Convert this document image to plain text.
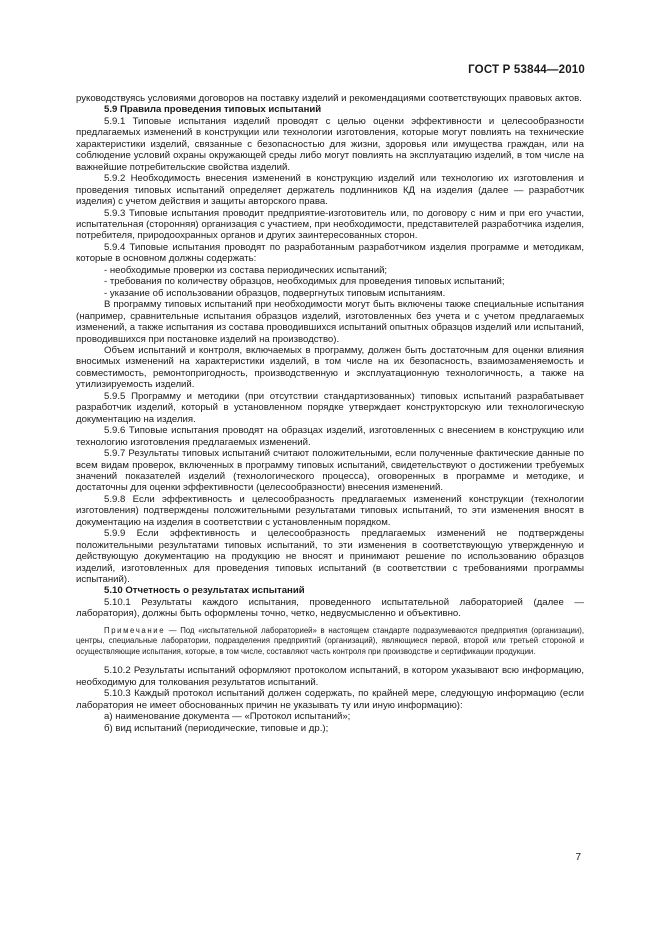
ГОСТ Р 53844—2010

руководствуясь условиями договоров на поставку изделий и рекомендациями соответствующих правовых актов.

5.9 Правила проведения типовых испытаний

5.9.1 Типовые испытания изделий проводят с целью оценки эффективности и целесообразности предлагаемых изменений в конструкции или технологии изготовления, которые могут повлиять на технические характеристики изделий, связанные с безопасностью для жизни, здоровья или имущества граждан, или на соблюдение условий охраны окружающей среды либо могут повлиять на эксплуатацию изделий, в том числе на важнейшие потребительские свойства изделий.

5.9.2 Необходимость внесения изменений в конструкцию изделий или технологию их изготовления и проведения типовых испытаний определяет держатель подлинников КД на изделия (далее — разработчик изделия) с учетом действия и защиты авторского права.

5.9.3 Типовые испытания проводит предприятие-изготовитель или, по договору с ним и при его участии, испытательная (сторонняя) организация с участием, при необходимости, представителей разработчика изделия, потребителя, природоохранных органов и других заинтересованных сторон.

5.9.4 Типовые испытания проводят по разработанным разработчиком изделия программе и методикам, которые в основном должны содержать:

- необходимые проверки из состава периодических испытаний;

- требования по количеству образцов, необходимых для проведения типовых испытаний;

- указание об использовании образцов, подвергнутых типовым испытаниям.

В программу типовых испытаний при необходимости могут быть включены также специальные испытания (например, сравнительные испытания образцов изделий, изготовленных без учета и с учетом предлагаемых изменений, а также испытания из состава проводившихся испытаний опытных образцов изделий или испытаний, проводившихся при постановке изделий на производство).

Объем испытаний и контроля, включаемых в программу, должен быть достаточным для оценки влияния вносимых изменений на характеристики изделий, в том числе на их безопасность, взаимозаменяемость и совместимость, ремонтопригодность, производственную и эксплуатационную технологичность, а также на утилизируемость изделий.

5.9.5 Программу и методики (при отсутствии стандартизованных) типовых испытаний разрабатывает разработчик изделий, который в установленном порядке утверждает конструкторскую или технологическую документацию на изделия.

5.9.6 Типовые испытания проводят на образцах изделий, изготовленных с внесением в конструкцию или технологию изготовления предлагаемых изменений.

5.9.7 Результаты типовых испытаний считают положительными, если полученные фактические данные по всем видам проверок, включенных в программу типовых испытаний, свидетельствуют о достижении требуемых значений показателей изделий (технологического процесса), оговоренных в программе и методике, и достаточны для оценки эффективности (целесообразности) внесения изменений.

5.9.8 Если эффективность и целесообразность предлагаемых изменений конструкции (технологии изготовления) подтверждены положительными результатами типовых испытаний, то эти изменения вносят в документацию на изделия в соответствии с установленным порядком.

5.9.9 Если эффективность и целесообразность предлагаемых изменений не подтверждены положительными результатами типовых испытаний, то эти изменения в соответствующую утвержденную и действующую документацию на продукцию не вносят и принимают решение по использованию образцов изделий, изготовленных для проведения типовых испытаний (в соответствии с требованиями программы испытаний).

5.10 Отчетность о результатах испытаний

5.10.1 Результаты каждого испытания, проведенного испытательной лабораторией (далее — лаборатория), должны быть оформлены точно, четко, недвусмысленно и объективно.

Примечание — Под «испытательной лабораторией» в настоящем стандарте подразумеваются предприятия (организации), центры, специальные лаборатории, подразделения предприятий (организаций), являющиеся первой, второй или третьей стороной и осуществляющие испытания, которые, в том числе, составляют часть контроля при производстве и сертификации продукции.

5.10.2 Результаты испытаний оформляют протоколом испытаний, в котором указывают всю информацию, необходимую для толкования результатов испытаний.

5.10.3 Каждый протокол испытаний должен содержать, по крайней мере, следующую информацию (если лаборатория не имеет обоснованных причин не указывать ту или иную информацию):

а) наименование документа — «Протокол испытаний»;

б) вид испытаний (периодические, типовые и др.);

7
